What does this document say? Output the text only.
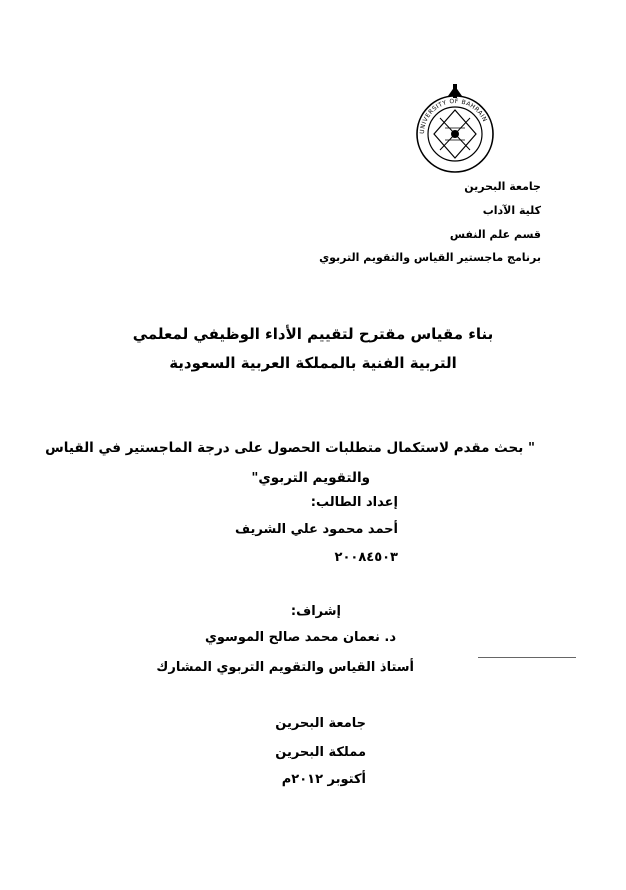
UNIVERSITY OF BAHRAIN
جامعة البحرين
كلية الآداب
قسم علم النفس
برنامج ماجستير القياس والتقويم التربوي
بناء مقياس مقترح لتقييم الأداء الوظيفي لمعلمي
التربية الفنية بالمملكة العربية السعودية
" بحث مقدم لاستكمال متطلبات الحصول على درجة الماجستير في القياس
والتقويم التربوي"
إعداد الطالب:
أحمد محمود علي الشريف
٢٠٠٨٤٥٠٣
إشراف:
د. نعمان محمد صالح الموسوي
أستاذ القياس والتقويم التربوي المشارك
جامعة البحرين
مملكة البحرين
أكتوبر ٢٠١٢م
